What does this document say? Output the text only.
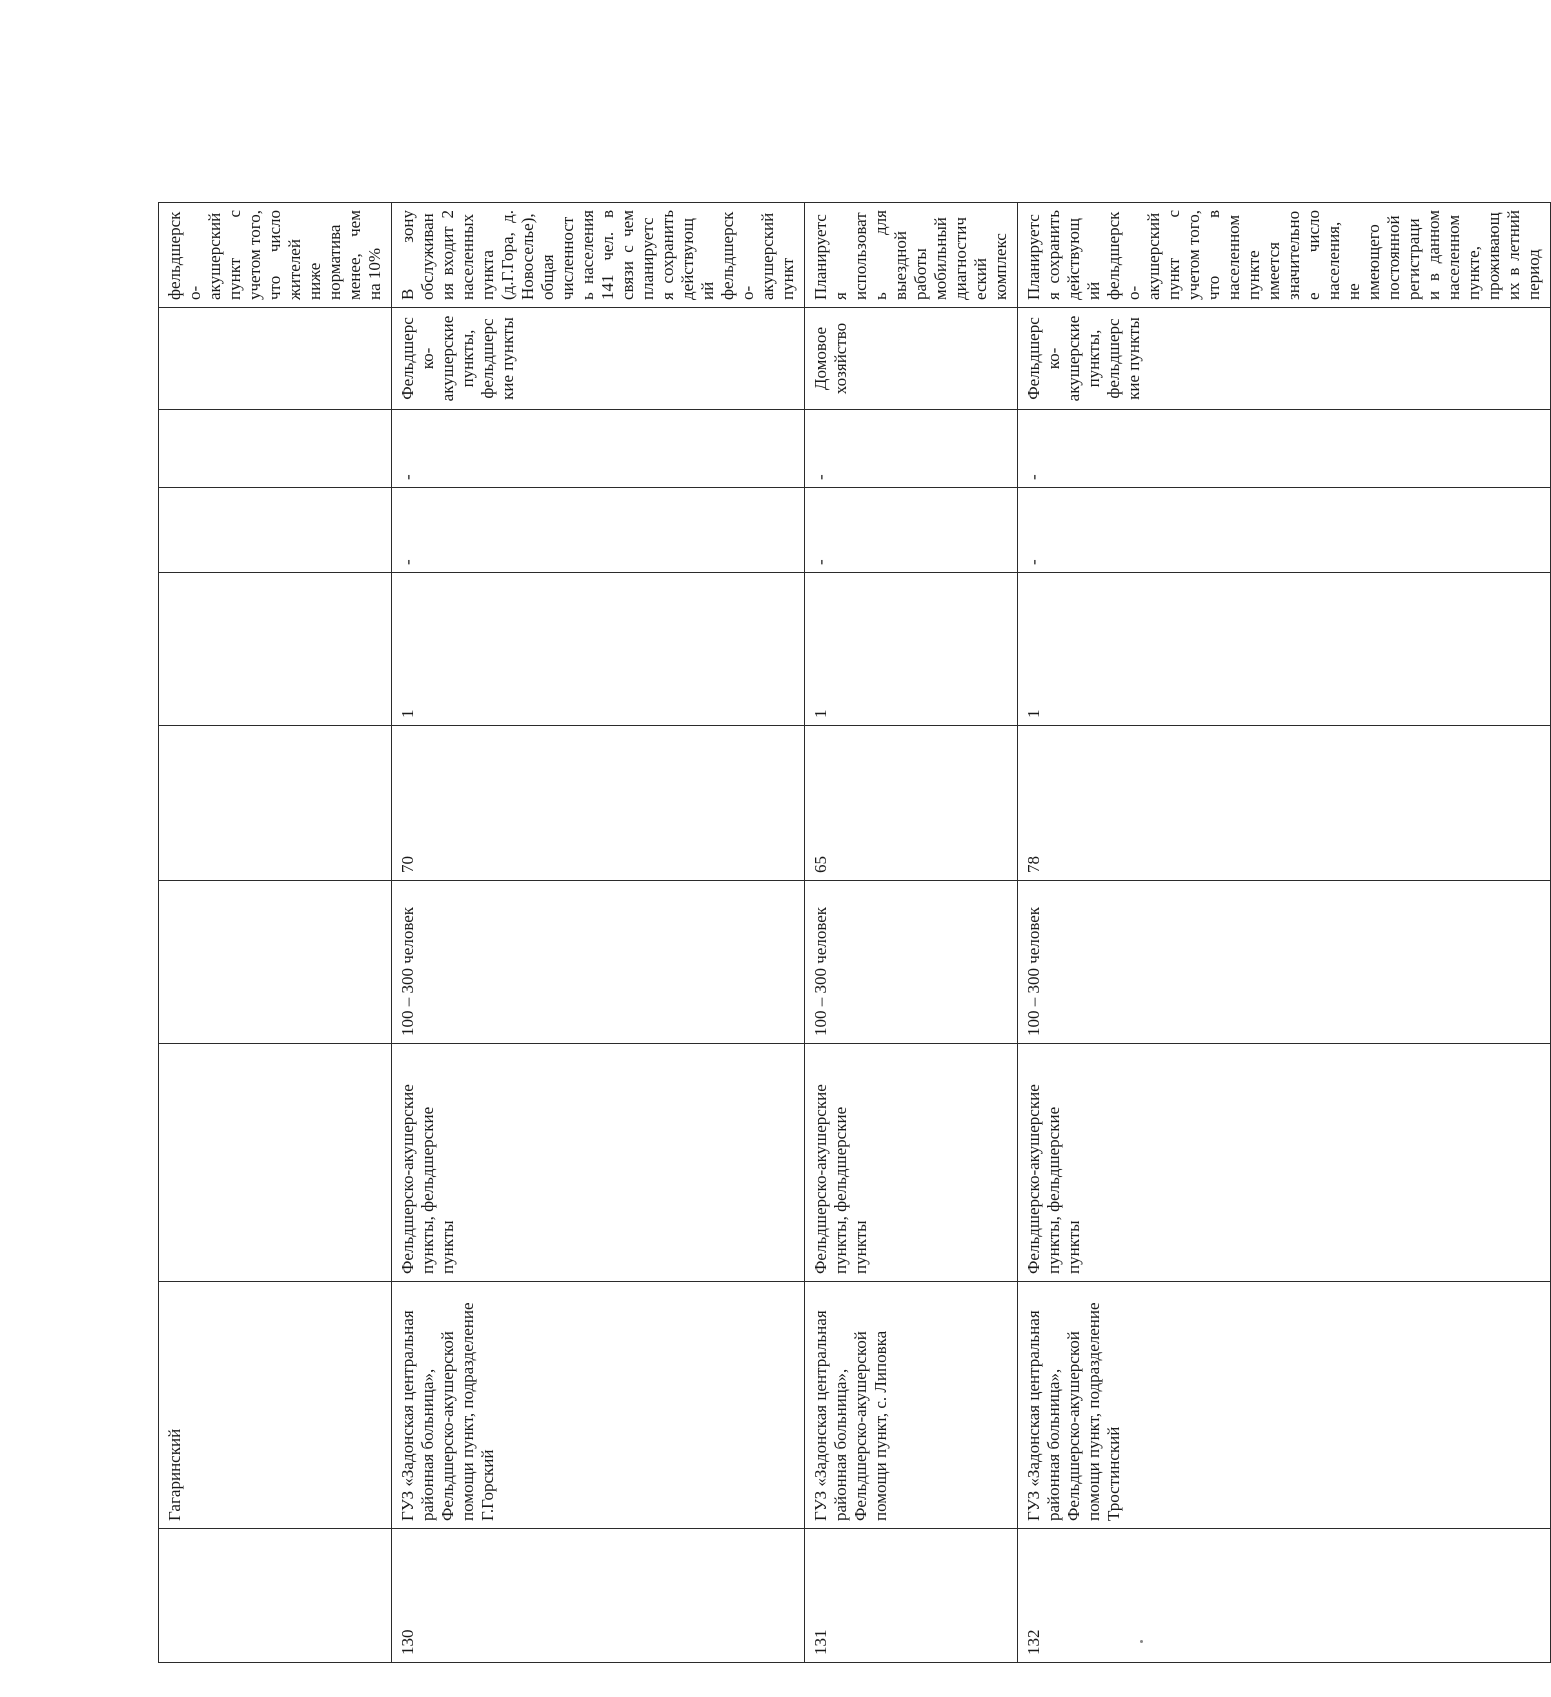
	Гагаринский								фельдшерско-акушерский пункт с учетом того, что число жителей ниже норматива менее, чем на 10%
130	ГУЗ «Задонская центральная районная больница», Фельдшерско-акушерской помощи пункт, подразделение Г.Горский	Фельдшерско-акушерские пункты, фельдшерские пункты	100 – 300 человек	70	1	-	-	Фельдшерско-акушерские пункты, фельдшерские пункты	В зону обслуживания входит 2 населенных пункта (д.Г.Гора, д. Новоселье), общая численность населения 141 чел. в связи с чем планируется сохранить действующий фельдшерско-акушерский пункт
131	ГУЗ «Задонская центральная районная больница», Фельдшерско-акушерской помощи пункт, с. Липовка	Фельдшерско-акушерские пункты, фельдшерские пункты	100 – 300 человек	65	1	-	-	Домовое хозяйство	Планируется использовать для выездной работы мобильный диагностический комплекс
132	ГУЗ «Задонская центральная районная больница», Фельдшерско-акушерской помощи пункт, подразделение Тростинский	Фельдшерско-акушерские пункты, фельдшерские пункты	100 – 300 человек	78	1	-	-	Фельдшерско-акушерские пункты, фельдшерские пункты	Планируется сохранить действующий фельдшерско-акушерский пункт с учетом того, что в населенном пункте имеется значительное число населения, не имеющего постоянной регистрации в данном населенном пункте, проживающих в летний период
